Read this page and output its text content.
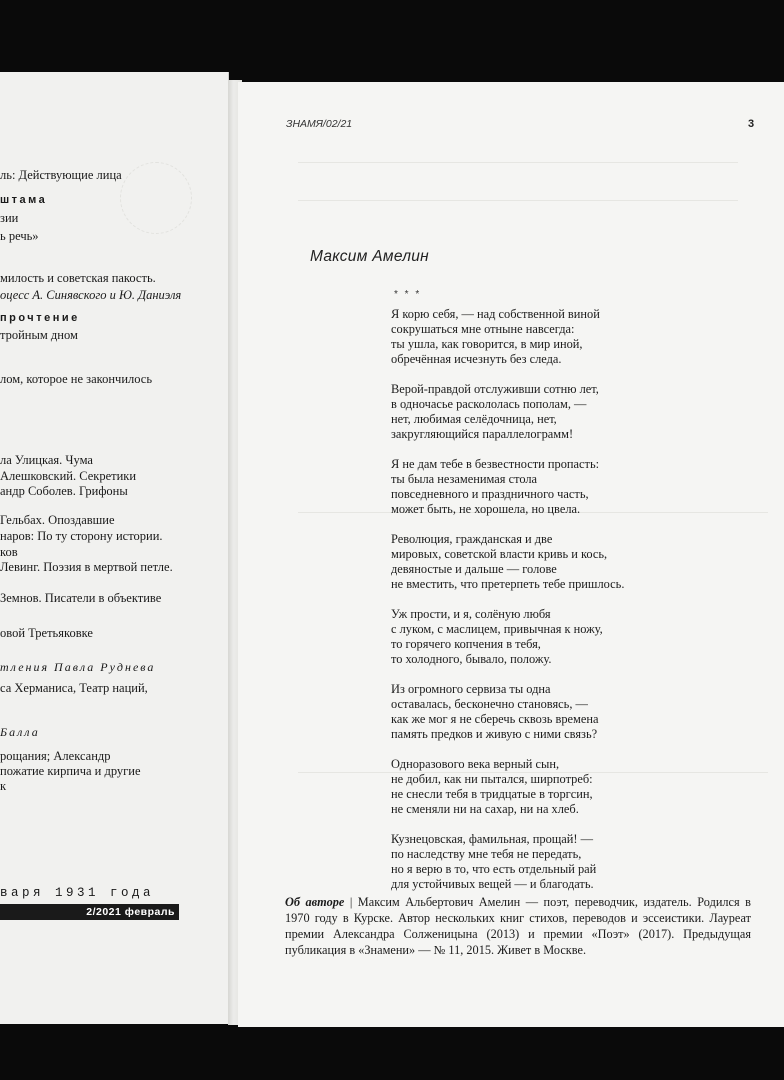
ль: Действующие лица
штама
зии
ь речь»
милость и советская пакость.
оцесс А. Синявского и Ю. Даниэля
прочтение
тройным дном
лом, которое не закончилось
ла Улицкая. Чума
Алешковский. Секретики
андр Соболев. Грифоны
Гельбах. Опоздавшие
наров: По ту сторону истории.
ков
Левинг. Поэзия в мертвой петле.
Земнов. Писатели в объективе
овой Третьяковке
тления Павла Руднева
са Херманиса, Театр наций,
Балла
рощания; Александр
пожатие кирпича и другие
к
варя 1931 года
2/2021 февраль
ЗНАМЯ/02/21	3
Максим Амелин
* * *
Я корю себя, — над собственной виной
сокрушаться мне отныне навсегда:
ты ушла, как говорится, в мир иной,
обречённая исчезнуть без следа.
Верой-правдой отслуживши сотню лет,
в одночасье раскололась пополам, —
нет, любимая селёдочница, нет,
закругляющийся параллелограмм!
Я не дам тебе в безвестности пропасть:
ты была незаменимая стола
повседневного и праздничного часть,
может быть, не хорошела, но цвела.
Революция, гражданская и две
мировых, советской власти кривь и кось,
девяностые и дальше — голове
не вместить, что претерпеть тебе пришлось.
Уж прости, и я, солёную любя
с луком, с маслицем, привычная к ножу,
то горячего копчения в тебя,
то холодного, бывало, положу.
Из огромного сервиза ты одна
оставалась, бесконечно становясь, —
как же мог я не сберечь сквозь времена
память предков и живую с ними связь?
Одноразового века верный сын,
не добил, как ни пытался, ширпотреб:
не снесли тебя в тридцатые в торгсин,
не сменяли ни на сахар, ни на хлеб.
Кузнецовская, фамильная, прощай! —
по наследству мне тебя не передать,
но я верю в то, что есть отдельный рай
для устойчивых вещей — и благодать.
Об авторе | Максим Альбертович Амелин — поэт, переводчик, издатель. Родился в 1970 году в Курске. Автор нескольких книг стихов, переводов и эссеистики. Лауреат премии Александра Солженицына (2013) и премии «Поэт» (2017). Предыдущая публикация в «Знамени» — № 11, 2015. Живет в Москве.
